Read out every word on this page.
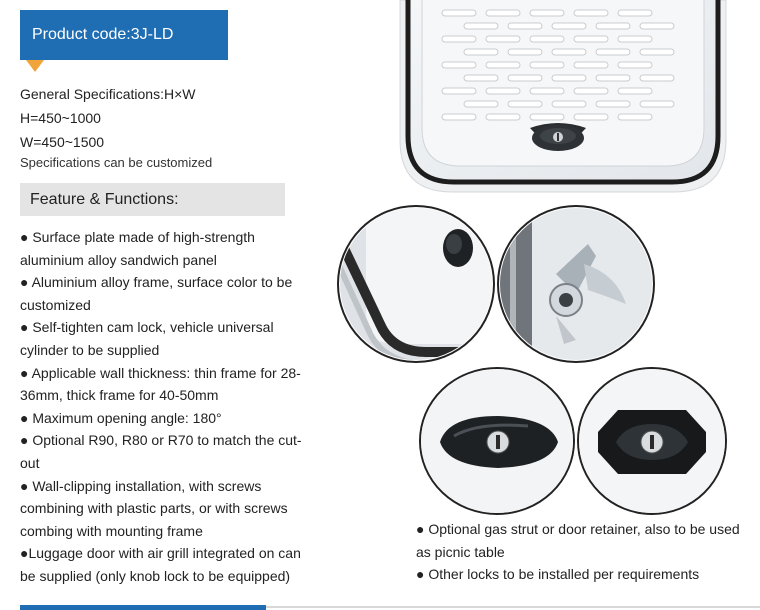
Product code:3J-LD
General Specifications:H×W
H=450~1000
W=450~1500
Specifications can be customized
Feature & Functions:

● Surface plate made of high-strength aluminium alloy sandwich panel

● Aluminium alloy frame, surface color to be customized

● Self-tighten cam lock, vehicle universal cylinder to be supplied

● Applicable wall thickness: thin frame for 28-36mm, thick frame for 40-50mm

● Maximum opening angle: 180°

● Optional R90, R80 or R70 to match the cut-out

● Wall-clipping installation, with screws combining with plastic parts, or with screws combing with mounting frame

●Luggage door with air grill integrated on can be supplied (only knob lock to be equipped)

● Optional gas strut or door retainer, also to be used as picnic table

● Other locks to be installed per requirements
